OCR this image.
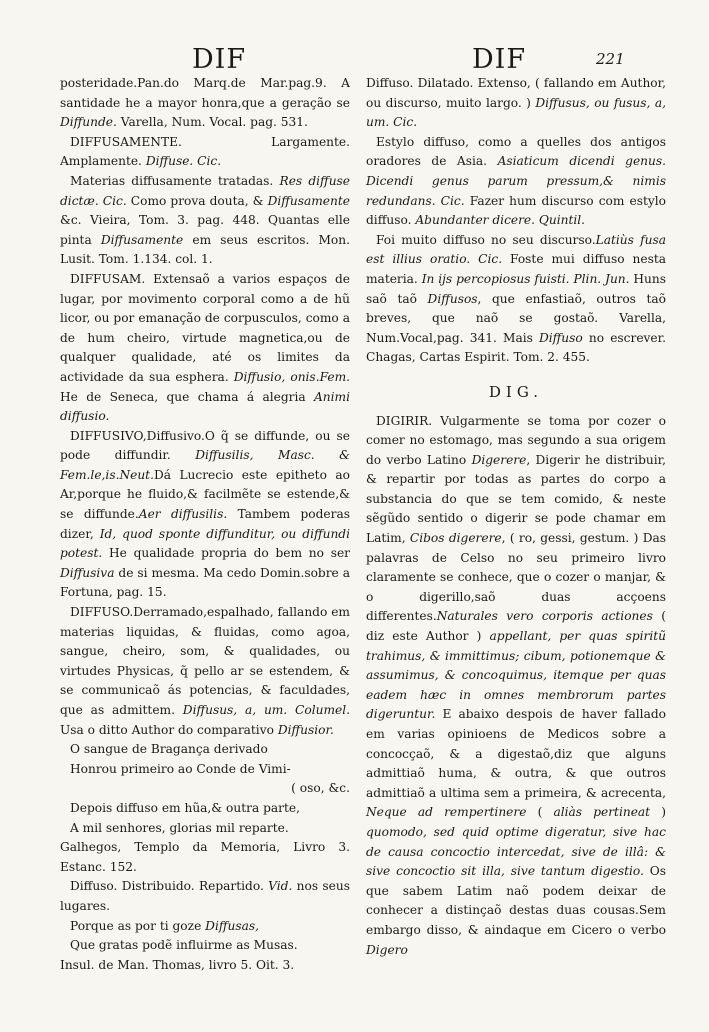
DIF	DIF	221

posteridade.Pan.do Marq.de Mar.pag.9. A santidade he a mayor honra,que a geração se Diffunde. Varella, Num. Vocal. pag. 531.

DIFFUSAMENTE. Largamente. Amplamente. Diffuse. Cic.

Materias diffusamente tratadas. Res diffuse dictæ. Cic. Como prova douta, & Diffusamente &c. Vieira, Tom. 3. pag. 448. Quantas elle pinta Diffusamente em seus escritos. Mon. Lusit. Tom. 1.134. col. 1.

DIFFUSAM. Extensaõ a varios espaços de lugar, por movimento corporal como a de hũ licor, ou por emanação de corpusculos, como a de hum cheiro, virtude magnetica,ou de qualquer qualidade, até os limites da actividade da sua esphera. Diffusio, onis.Fem. He de Seneca, que chama á alegria Animi diffusio.

DIFFUSIVO,Diffusivo.O q̃ se diffunde, ou se pode diffundir. Diffusilis, Masc. & Fem.le,is.Neut.Dá Lucrecio este epitheto ao Ar,porque he fluido,& facilmẽte se estende,& se diffunde.Aer diffusilis. Tambem poderas dizer, Id, quod sponte diffunditur, ou diffundi potest. He qualidade propria do bem no ser Diffusiva de si mesma. Ma cedo Domin.sobre a Fortuna, pag. 15.

DIFFUSO.Derramado,espalhado, fallando em materias liquidas, & fluidas, como agoa, sangue, cheiro, som, & qualidades, ou virtudes Physicas, q̃ pello ar se estendem, & se communicaõ ás potencias, & faculdades, que as admittem. Diffusus, a, um. Columel. Usa o ditto Author do comparativo Diffusior.

O sangue de Bragança derivado

Honrou primeiro ao Conde de Vimi-

( oso, &c.

Depois diffuso em hũa,& outra parte,

A mil senhores, glorias mil reparte.

Galhegos, Templo da Memoria, Livro 3. Estanc. 152.

Diffuso. Distribuido. Repartido. Vid. nos seus lugares.

Porque as por ti goze Diffusas,

Que gratas podẽ influirme as Musas.

Insul. de Man. Thomas, livro 5. Oit. 3.

Diffuso. Dilatado. Extenso, ( fallando em Author, ou discurso, muito largo. ) Diffusus, ou fusus, a, um. Cic.

Estylo diffuso, como a quelles dos antigos oradores de Asia. Asiaticum dicendi genus. Dicendi genus parum pressum,& nimis redundans. Cic. Fazer hum discurso com estylo diffuso. Abundanter dicere. Quintil.

Foi muito diffuso no seu discurso.Latiùs fusa est illius oratio. Cic. Foste mui diffuso nesta materia. In ijs percopiosus fuisti. Plin. Jun. Huns saõ taõ Diffusos, que enfastiaõ, outros taõ breves, que naõ se gostaõ. Varella, Num.Vocal,pag. 341. Mais Diffuso no escrever. Chagas, Cartas Espirit. Tom. 2. 455.

DIG.

DIGIRIR. Vulgarmente se toma por cozer o comer no estomago, mas segundo a sua origem do verbo Latino Digerere, Digerir he distribuir, & repartir por todas as partes do corpo a substancia do que se tem comido, & neste sẽgũdo sentido o digerir se pode chamar em Latim, Cibos digerere, ( ro, gessi, gestum. ) Das palavras de Celso no seu primeiro livro claramente se conhece, que o cozer o manjar, & o digerillo,saõ duas acçoens differentes.Naturales vero corporis actiones ( diz este Author ) appellant, per quas spiritũ trahimus, & immittimus; cibum, potionemque & assumimus, & concoquimus, itemque per quas eadem hæc in omnes membrorum partes digeruntur. E abaixo despois de haver fallado em varias opinioens de Medicos sobre a concocçaõ, & a digestaõ,diz que alguns admittiaõ huma, & outra, & que outros admittiaõ a ultima sem a primeira, & acrecenta, Neque ad rempertinere ( aliàs pertineat ) quomodo, sed quid optime digeratur, sive hac de causa concoctio intercedat, sive de illâ: & sive concoctio sit illa, sive tantum digestio. Os que sabem Latim naõ podem deixar de conhecer a distinçaõ destas duas cousas.Sem embargo disso, & aindaque em Cicero o verbo Digero
